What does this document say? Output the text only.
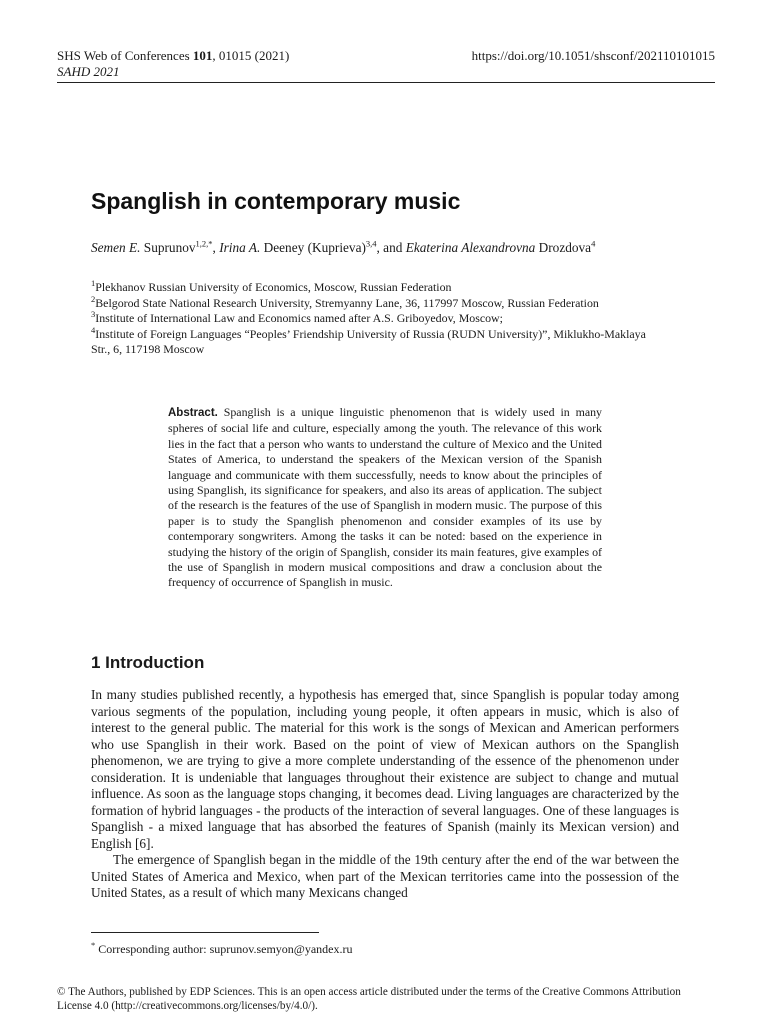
SHS Web of Conferences 101, 01015 (2021)
SAHD 2021
https://doi.org/10.1051/shsconf/202110101015
Spanglish in contemporary music
Semen E. Suprunov$^{1,2,*}$, Irina A. Deeney (Kuprieva)$^{3,4}$, and Ekaterina Alexandrovna Drozdova$^4$
$^1$Plekhanov Russian University of Economics, Moscow, Russian Federation
$^2$Belgorod State National Research University, Stremyanny Lane, 36, 117997 Moscow, Russian Federation
$^3$Institute of International Law and Economics named after A.S. Griboyedov, Moscow;
$^4$Institute of Foreign Languages “Peoples’ Friendship University of Russia (RUDN University)”, Miklukho-Maklaya Str., 6, 117198 Moscow
Abstract. Spanglish is a unique linguistic phenomenon that is widely used in many spheres of social life and culture, especially among the youth. The relevance of this work lies in the fact that a person who wants to understand the culture of Mexico and the United States of America, to understand the speakers of the Mexican version of the Spanish language and communicate with them successfully, needs to know about the principles of using Spanglish, its significance for speakers, and also its areas of application. The subject of the research is the features of the use of Spanglish in modern music. The purpose of this paper is to study the Spanglish phenomenon and consider examples of its use by contemporary songwriters. Among the tasks it can be noted: based on the experience in studying the history of the origin of Spanglish, consider its main features, give examples of the use of Spanglish in modern musical compositions and draw a conclusion about the frequency of occurrence of Spanglish in music.
1 Introduction

In many studies published recently, a hypothesis has emerged that, since Spanglish is popular today among various segments of the population, including young people, it often appears in music, which is also of interest to the general public. The material for this work is the songs of Mexican and American performers who use Spanglish in their work. Based on the point of view of Mexican authors on the Spanglish phenomenon, we are trying to give a more complete understanding of the essence of the phenomenon under consideration. It is undeniable that languages throughout their existence are subject to change and mutual influence. As soon as the language stops changing, it becomes dead. Living languages are characterized by the formation of hybrid languages - the products of the interaction of several languages. One of these languages is Spanglish - a mixed language that has absorbed the features of Spanish (mainly its Mexican version) and English [6].

The emergence of Spanglish began in the middle of the 19th century after the end of the war between the United States of America and Mexico, when part of the Mexican territories came into the possession of the United States, as a result of which many Mexicans changed

* Corresponding author: suprunov.semyon@yandex.ru
© The Authors, published by EDP Sciences. This is an open access article distributed under the terms of the Creative Commons Attribution License 4.0 (http://creativecommons.org/licenses/by/4.0/).
